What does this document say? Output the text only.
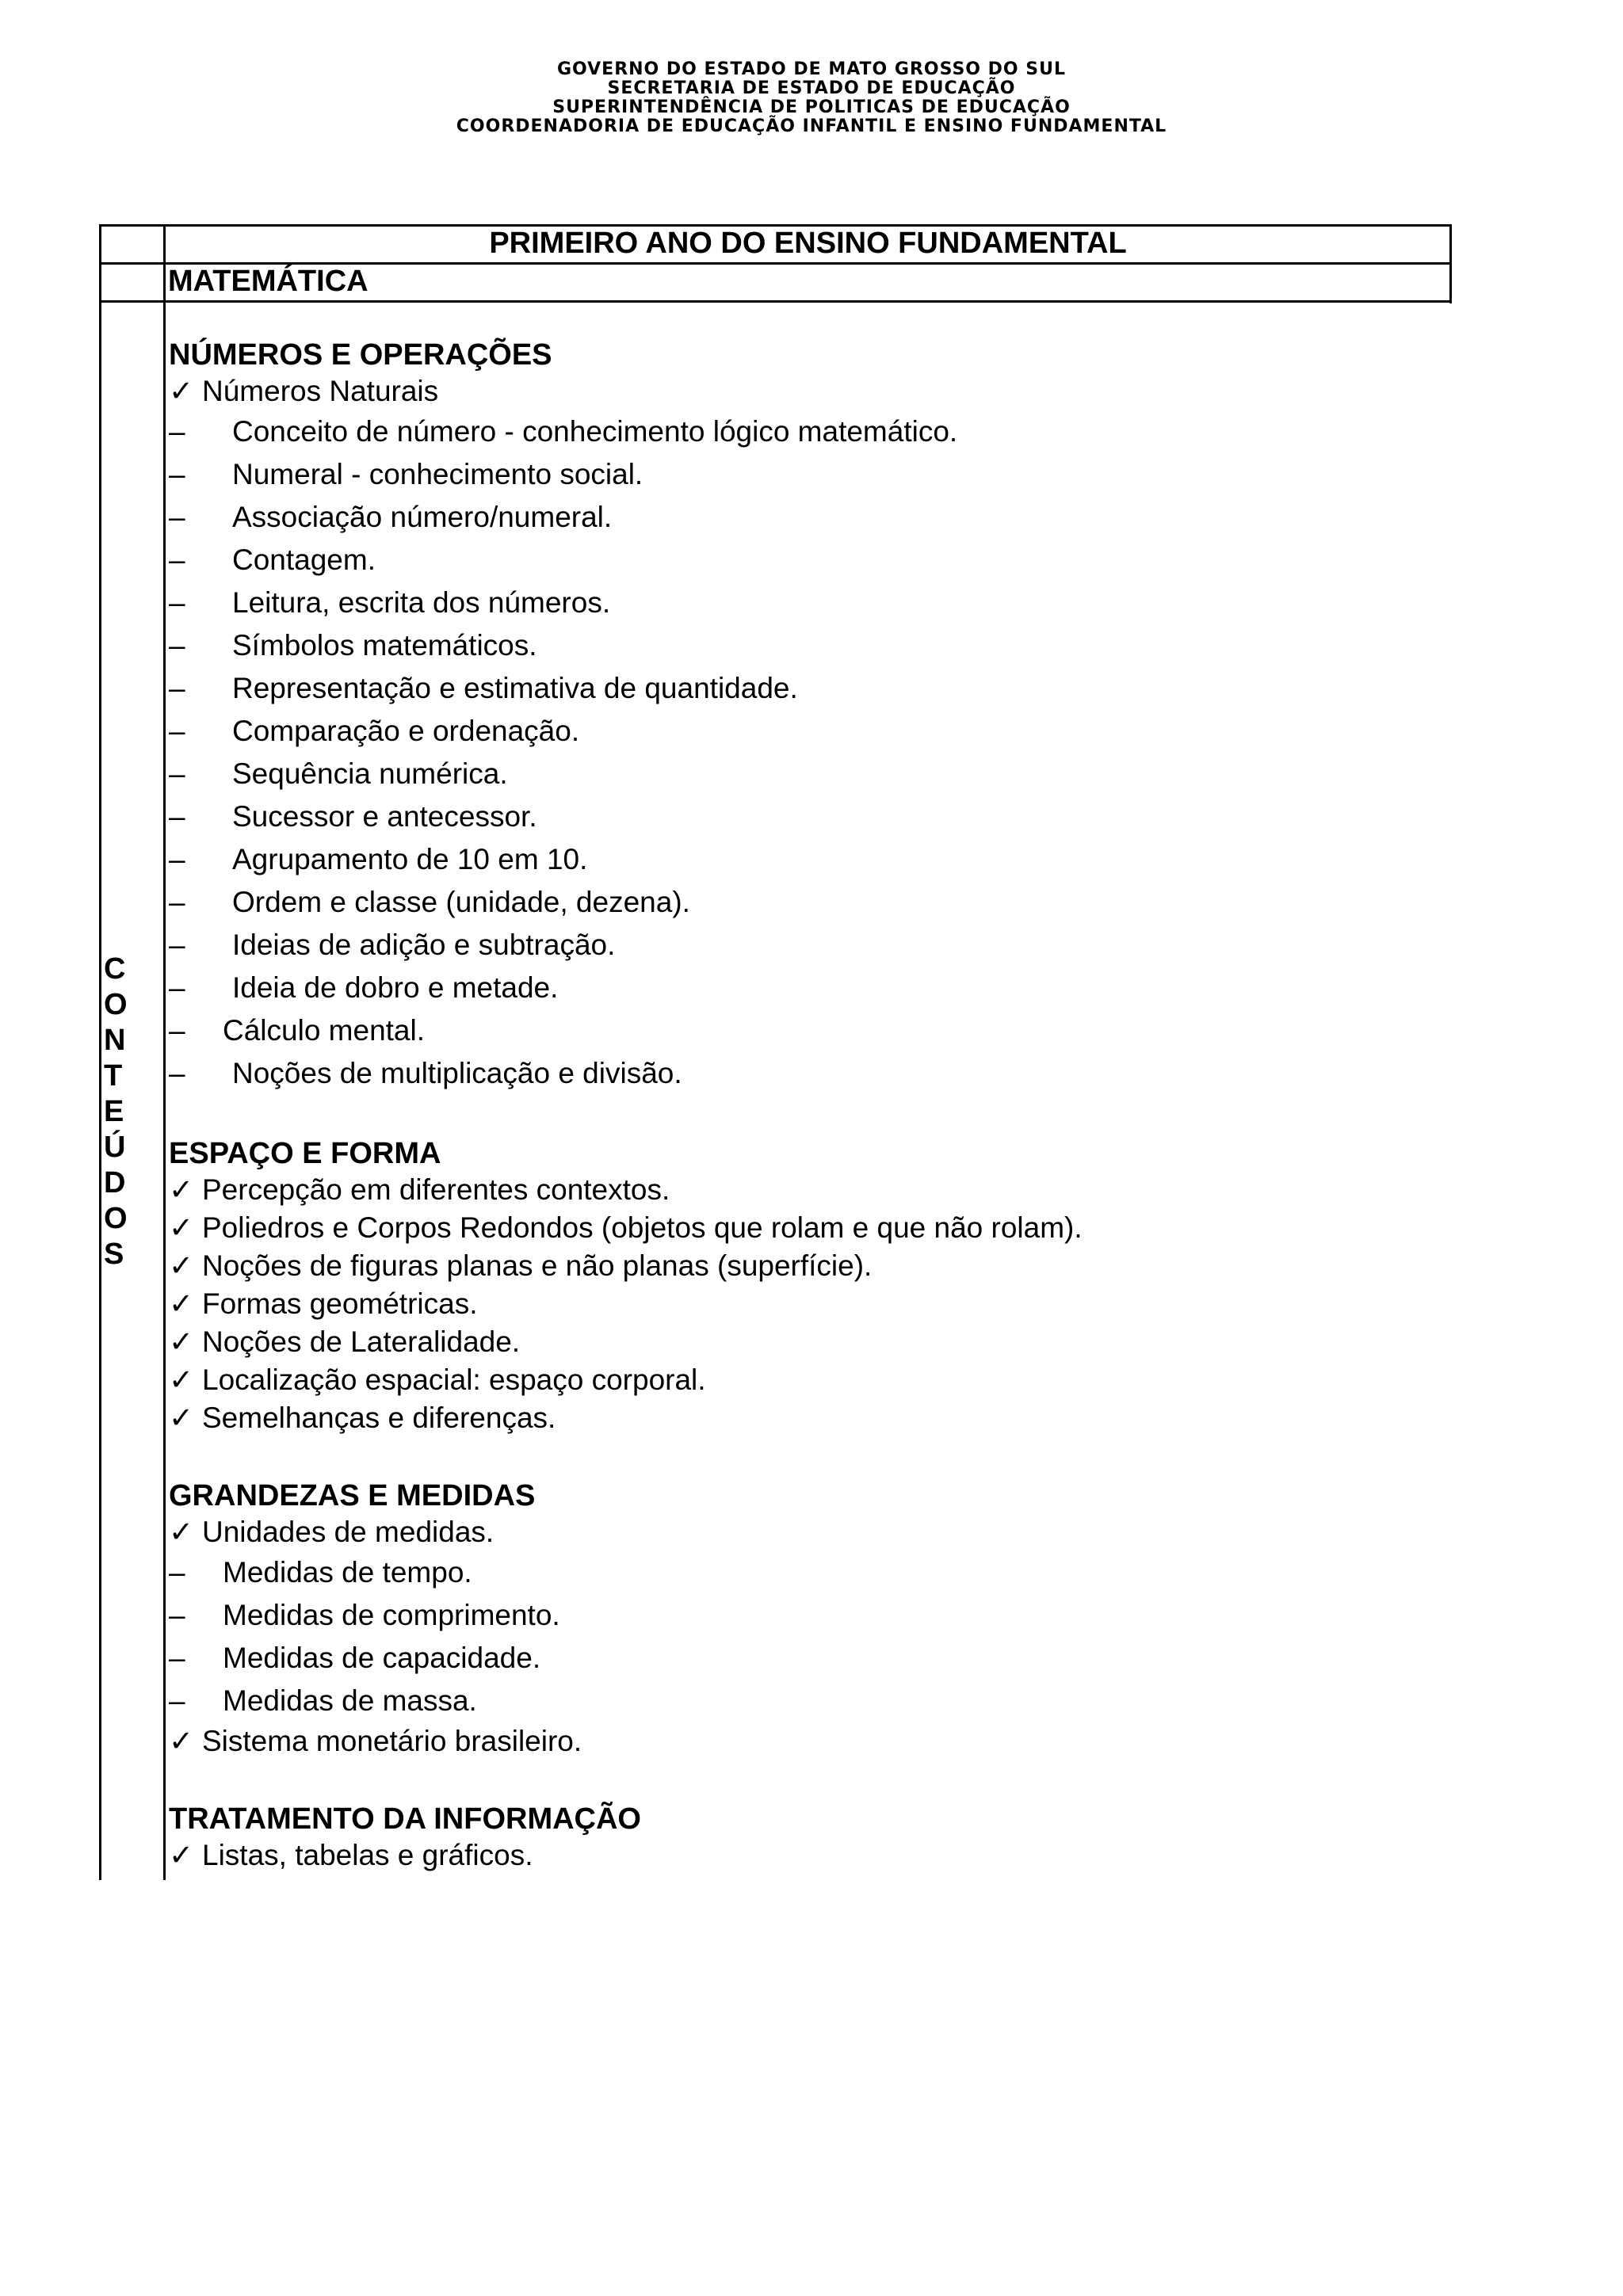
GOVERNO DO ESTADO DE MATO GROSSO DO SUL
SECRETARIA DE ESTADO DE EDUCAÇÃO
SUPERINTENDÊNCIA DE POLITICAS DE EDUCAÇÃO
COORDENADORIA DE EDUCAÇÃO INFANTIL E ENSINO FUNDAMENTAL
PRIMEIRO ANO DO ENSINO FUNDAMENTAL
MATEMÁTICA
C
O
N
T
E
Ú
D
O
S
NÚMEROS E OPERAÇÕES
✓ Números Naturais
– Conceito de número - conhecimento lógico matemático.
– Numeral - conhecimento social.
– Associação número/numeral.
– Contagem.
– Leitura, escrita dos números.
– Símbolos matemáticos.
– Representação e estimativa de quantidade.
– Comparação e ordenação.
– Sequência numérica.
– Sucessor e antecessor.
– Agrupamento de 10 em 10.
– Ordem e classe (unidade, dezena).
– Ideias de adição e subtração.
– Ideia de dobro e metade.
– Cálculo mental.
– Noções de multiplicação e divisão.
ESPAÇO E FORMA
✓ Percepção em diferentes contextos.
✓ Poliedros e Corpos Redondos (objetos que rolam e que não rolam).
✓ Noções de figuras planas e não planas (superfície).
✓ Formas geométricas.
✓ Noções de Lateralidade.
✓ Localização espacial: espaço corporal.
✓ Semelhanças e diferenças.
GRANDEZAS E MEDIDAS
✓ Unidades de medidas.
– Medidas de tempo.
– Medidas de comprimento.
– Medidas de capacidade.
– Medidas de massa.
✓ Sistema monetário brasileiro.
TRATAMENTO DA INFORMAÇÃO
✓ Listas, tabelas e gráficos.
